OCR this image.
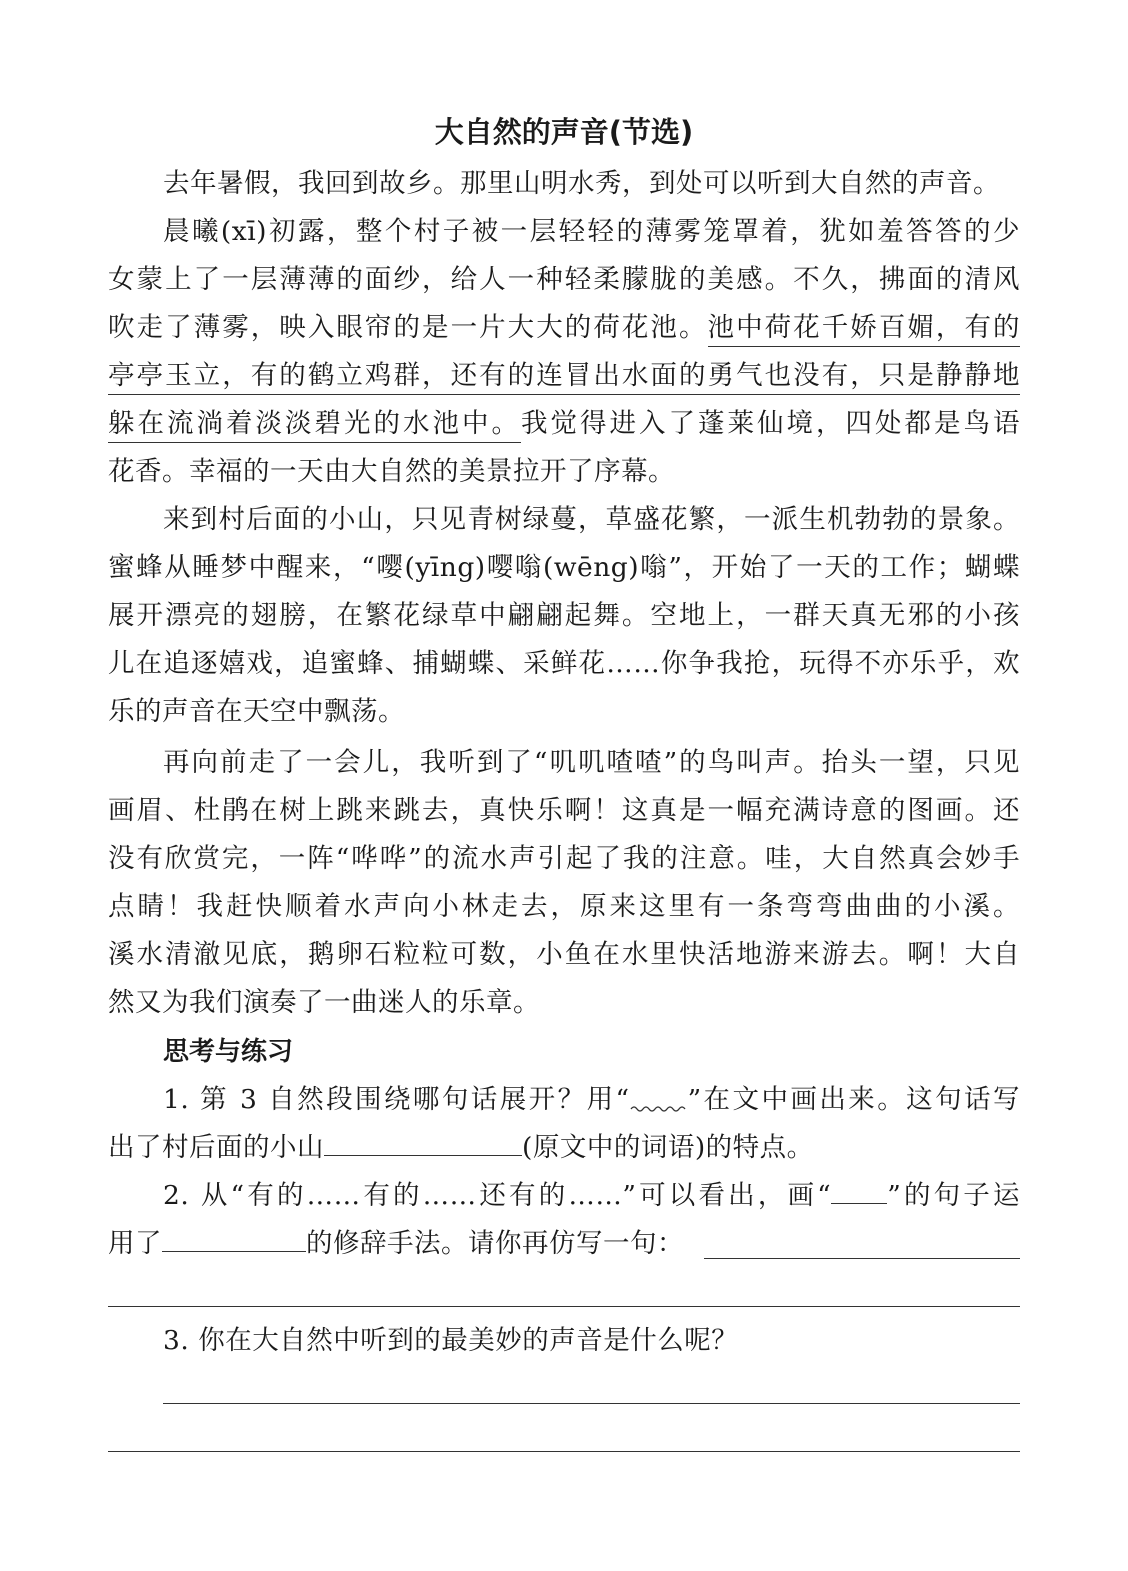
大自然的声音(节选)
去年暑假，我回到故乡。那里山明水秀，到处可以听到大自然的声音。
晨曦(xī)初露，整个村子被一层轻轻的薄雾笼罩着，犹如羞答答的少
女蒙上了一层薄薄的面纱，给人一种轻柔朦胧的美感。不久，拂面的清风
吹走了薄雾，映入眼帘的是一片大大的荷花池。池中荷花千娇百媚，有的
亭亭玉立，有的鹤立鸡群，还有的连冒出水面的勇气也没有，只是静静地
躲在流淌着淡淡碧光的水池中。我觉得进入了蓬莱仙境，四处都是鸟语
花香。幸福的一天由大自然的美景拉开了序幕。
来到村后面的小山，只见青树绿蔓，草盛花繁，一派生机勃勃的景象。
蜜蜂从睡梦中醒来，“嘤(yīng)嘤嗡(wēng)嗡”，开始了一天的工作；蝴蝶
展开漂亮的翅膀，在繁花绿草中翩翩起舞。空地上，一群天真无邪的小孩
儿在追逐嬉戏，追蜜蜂、捕蝴蝶、采鲜花……你争我抢，玩得不亦乐乎，欢
乐的声音在天空中飘荡。
再向前走了一会儿，我听到了“叽叽喳喳”的鸟叫声。抬头一望，只见
画眉、杜鹃在树上跳来跳去，真快乐啊！这真是一幅充满诗意的图画。还
没有欣赏完，一阵“哗哗”的流水声引起了我的注意。哇，大自然真会妙手
点睛！我赶快顺着水声向小林走去，原来这里有一条弯弯曲曲的小溪。
溪水清澈见底，鹅卵石粒粒可数，小鱼在水里快活地游来游去。啊！大自
然又为我们演奏了一曲迷人的乐章。
思考与练习
1. 第 3 自然段围绕哪句话展开？用“ ”在文中画出来。这句话写
出了村后面的小山	(原文中的词语)的特点。
2. 从“有的……有的……还有的……”可以看出，画“ ”的句子运
用了	的修辞手法。请你再仿写一句：
3. 你在大自然中听到的最美妙的声音是什么呢？
